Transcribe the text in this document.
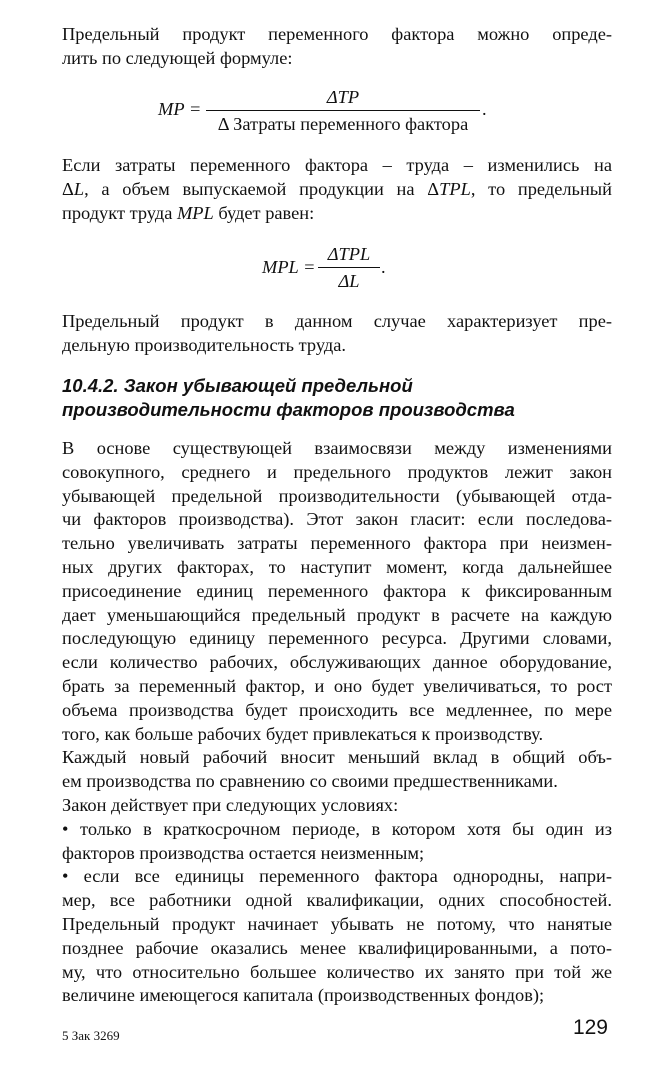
Предельный продукт переменного фактора можно опреде-
лить по следующей формуле:
MP =
ΔTP
Δ Затраты переменного фактора
.
Если затраты переменного фактора – труда – изменились на
ΔL, а объем выпускаемой продукции на ΔTPL, то предельный
продукт труда MPL будет равен:
MPL =
ΔTPL
ΔL
.
Предельный продукт в данном случае характеризует пре-
дельную производительность труда.
10.4.2. Закон убывающей предельной
производительности факторов производства
В основе существующей взаимосвязи между изменениями
совокупного, среднего и предельного продуктов лежит закон
убывающей предельной производительности (убывающей отда-
чи факторов производства). Этот закон гласит: если последова-
тельно увеличивать затраты переменного фактора при неизмен-
ных других факторах, то наступит момент, когда дальнейшее
присоединение единиц переменного фактора к фиксированным
дает уменьшающийся предельный продукт в расчете на каждую
последующую единицу переменного ресурса. Другими словами,
если количество рабочих, обслуживающих данное оборудование,
брать за переменный фактор, и оно будет увеличиваться, то рост
объема производства будет происходить все медленнее, по мере
того, как больше рабочих будет привлекаться к производству.
Каждый новый рабочий вносит меньший вклад в общий объ-
ем производства по сравнению со своими предшественниками.
Закон действует при следующих условиях:
• только в краткосрочном периоде, в котором хотя бы один из
факторов производства остается неизменным;
• если все единицы переменного фактора однородны, напри-
мер, все работники одной квалификации, одних способностей.
Предельный продукт начинает убывать не потому, что нанятые
позднее рабочие оказались менее квалифицированными, а пото-
му, что относительно большее количество их занято при той же
величине имеющегося капитала (производственных фондов);
5 Зак 3269	129
